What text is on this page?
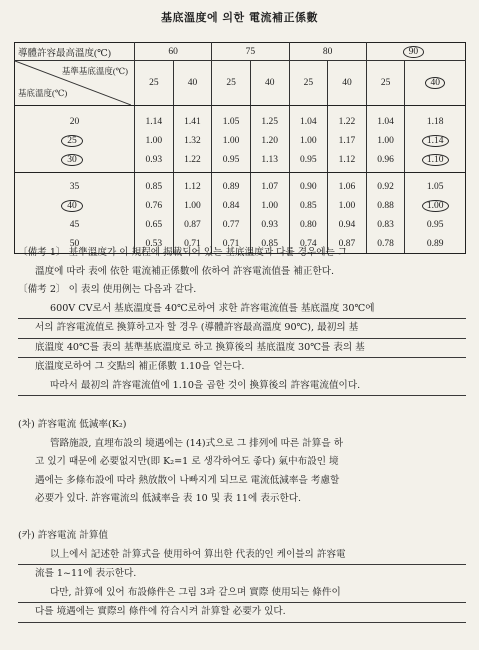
基底溫度에 의한 電流補正係數
導體許容最高溫度(℃)	60		75		80		90	

基準基底溫度(℃)
基底溫度(℃)	25	40	25	40	25	40	25	40
20	1.14	1.41	1.05	1.25	1.04	1.22	1.04	1.18
25	1.00	1.32	1.00	1.20	1.00	1.17	1.00	1.14
30	0.93	1.22	0.95	1.13	0.95	1.12	0.96	1.10
35	0.85	1.12	0.89	1.07	0.90	1.06	0.92	1.05
40	0.76	1.00	0.84	1.00	0.85	1.00	0.88	1.00
45	0.65	0.87	0.77	0.93	0.80	0.94	0.83	0.95
50	0.53	0.71	0.71	0.85	0.74	0.87	0.78	0.89

〔備考 1〕 基準溫度가 이 規程에 揭載되어 있는 基底溫度과 다를 경우에는 그

溫度에 따라 表에 依한 電流補正係數에 依하여 許容電流值를 補正한다.

〔備考 2〕 이 表의 使用例는 다음과 같다.

600V CV로서 基底溫度를 40℃로하여 求한 許容電流值를 基底溫度 30℃에

서의 許容電流值로 換算하고자 할 경우 (導體許容最高溫度 90℃), 最初의 基

底溫度 40℃를 表의 基準基底溫度로 하고 換算後의 基底溫度 30℃를 表의 基

底溫度로하여 그 交點의 補正係數 1.10을 얻는다.

따라서 最初의 許容電流值에 1.10을 곱한 것이 換算後의 許容電流值이다.

(차) 許容電流 低減率(K₂)

管路施設, 直埋布設의 境遇에는 (14)式으로 그 排列에 따른 計算을 하

고 있기 때문에 必要없지만(即 K₂=1 로 생각하여도 좋다) 氣中布設인 境

遇에는 多條布設에 따라 熱放散이 나빠지게 되므로 電流低減率을 考慮할

必要가 있다. 許容電流의 低減率을 表 10 및 表 11에 表示한다.

(카) 許容電流 計算值

以上에서 記述한 計算式을 使用하여 算出한 代表的인 케이블의 許容電

流를 1~11에 表示한다.

다만, 計算에 있어 布設條件은 그림 3과 같으며 實際 使用되는 條件이

다를 境遇에는 實際의 條件에 符合시켜 計算할 必要가 있다.
